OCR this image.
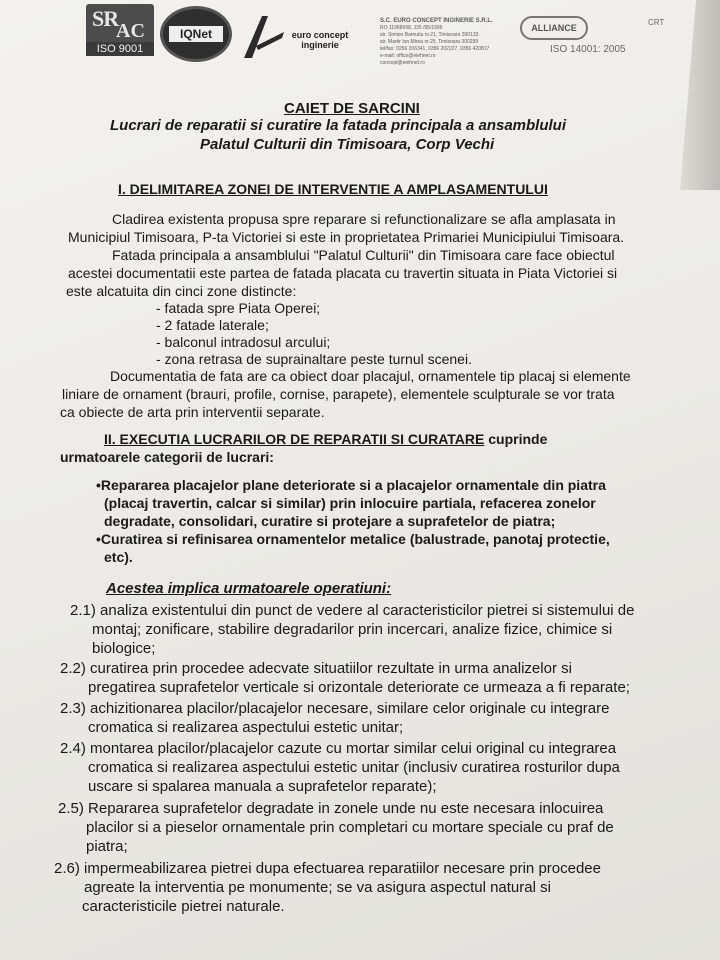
SR
AC
ISO 9001
IQNet	euro concept
inginerie
S.C. EURO CONCEPT INGINERIE S.R.L.
RO 11968998, J35 /95/1999
str. Simion Barnutiu nr.21, Timisoara 300133
str. Martir Ion Mirea nr.25, Timisoara 300299
tel/fax: 0256 206341, 0356 202227, 0356 420817
e-mail: office@eiehnet.ro
concept@eiehnet.ro
ALLIANCE
ISO 14001: 2005
CRT
CAIET DE SARCINI
Lucrari de reparatii si curatire la fatada principala a ansamblului
Palatul Culturii din Timisoara, Corp Vechi
I. DELIMITAREA ZONEI DE INTERVENTIE A AMPLASAMENTULUI
Cladirea existenta propusa spre reparare si refunctionalizare se afla amplasata in
Municipiul Timisoara, P-ta Victoriei si este in proprietatea Primariei Municipiului Timisoara.
Fatada principala a ansamblului "Palatul Culturii" din Timisoara care face obiectul
acestei documentatii este partea de fatada placata cu travertin situata in Piata Victoriei si
este alcatuita din cinci zone distincte:
- fatada spre Piata Operei;
- 2 fatade laterale;
- balconul intradosul arcului;
- zona retrasa de suprainaltare peste turnul scenei.
Documentatia de fata are ca obiect doar placajul, ornamentele tip placaj si elemente
liniare de ornament (brauri, profile, cornise, parapete), elementele sculpturale se vor trata
ca obiecte de arta prin interventii separate.
II. EXECUTIA LUCRARILOR DE REPARATII SI CURATARE cuprinde
urmatoarele categorii de lucrari:
•Repararea placajelor plane deteriorate si a placajelor ornamentale din piatra
(placaj travertin, calcar si similar) prin inlocuire partiala, refacerea zonelor
degradate, consolidari, curatire si protejare a suprafetelor de piatra;
•Curatirea si refinisarea ornamentelor metalice (balustrade, panotaj protectie,
etc).
Acestea implica urmatoarele operatiuni:
2.1) analiza existentului din punct de vedere al caracteristicilor pietrei si sistemului de
montaj; zonificare, stabilire degradarilor prin incercari, analize fizice, chimice si
biologice;
2.2) curatirea prin procedee adecvate situatiilor rezultate in urma analizelor si
pregatirea suprafetelor verticale si orizontale deteriorate ce urmeaza a fi reparate;
2.3) achizitionarea placilor/placajelor necesare, similare celor originale cu integrare
cromatica si realizarea aspectului estetic unitar;
2.4) montarea placilor/placajelor cazute cu mortar similar celui original cu integrarea
cromatica si realizarea aspectului estetic unitar (inclusiv curatirea rosturilor dupa
uscare si spalarea manuala a suprafetelor reparate);
2.5) Repararea suprafetelor degradate in zonele unde nu este necesara inlocuirea
placilor si a pieselor ornamentale prin completari cu mortare speciale cu praf de
piatra;
2.6) impermeabilizarea pietrei dupa efectuarea reparatiilor necesare prin procedee
agreate la interventia pe monumente; se va asigura aspectul natural si
caracteristicile pietrei naturale.
